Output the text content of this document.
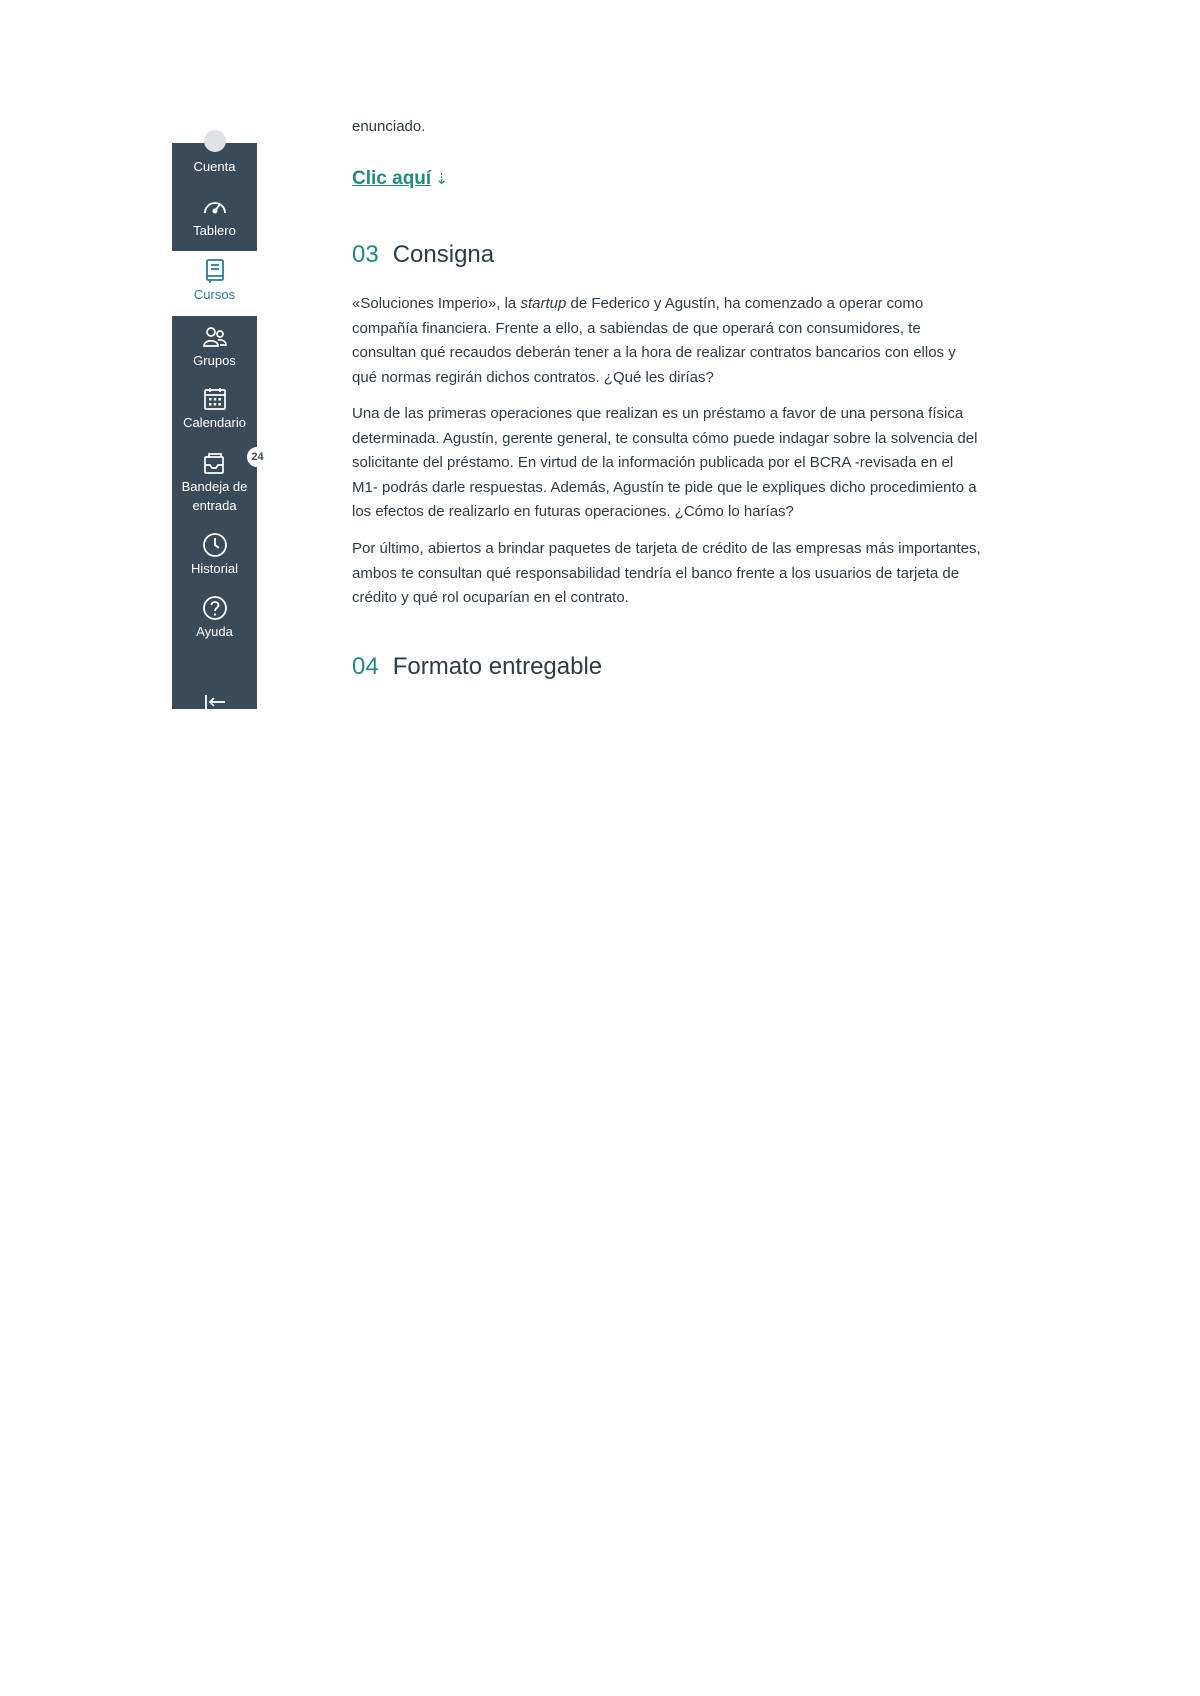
Cuenta
Tablero
Cursos
Grupos
Calendario
24
Bandeja de entrada
Historial
Ayuda
enunciado.
Clic aquí ⇣
03 Consigna

«Soluciones Imperio», la startup de Federico y Agustín, ha comenzado a operar como compañía financiera. Frente a ello, a sabiendas de que operará con consumidores, te consultan qué recaudos deberán tener a la hora de realizar contratos bancarios con ellos y qué normas regirán dichos contratos. ¿Qué les dirías?

Una de las primeras operaciones que realizan es un préstamo a favor de una persona física determinada. Agustín, gerente general, te consulta cómo puede indagar sobre la solvencia del solicitante del préstamo. En virtud de la información publicada por el BCRA -revisada en el M1- podrás darle respuestas. Además, Agustín te pide que le expliques dicho procedimiento a los efectos de realizarlo en futuras operaciones. ¿Cómo lo harías?

Por último, abiertos a brindar paquetes de tarjeta de crédito de las empresas más importantes, ambos te consultan qué responsabilidad tendría el banco frente a los usuarios de tarjeta de crédito y qué rol ocuparían en el contrato.

04 Formato entregable
